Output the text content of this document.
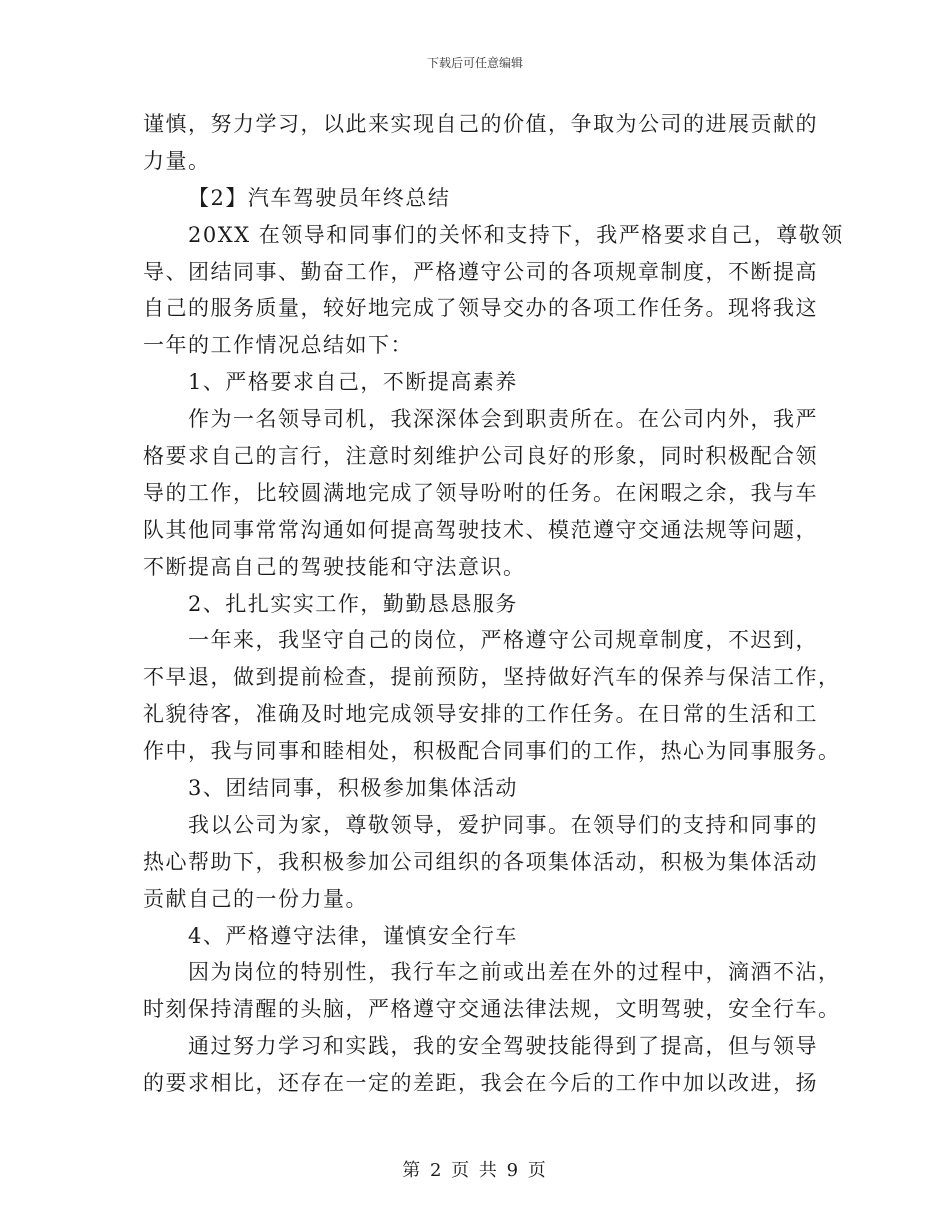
下载后可任意编辑
谨慎，努力学习，以此来实现自己的价值，争取为公司的进展贡献的
力量。
【2】汽车驾驶员年终总结
20XX 在领导和同事们的关怀和支持下，我严格要求自己，尊敬领
导、团结同事、勤奋工作，严格遵守公司的各项规章制度，不断提高
自己的服务质量，较好地完成了领导交办的各项工作任务。现将我这
一年的工作情况总结如下：
1、严格要求自己，不断提高素养
作为一名领导司机，我深深体会到职责所在。在公司内外，我严
格要求自己的言行，注意时刻维护公司良好的形象，同时积极配合领
导的工作，比较圆满地完成了领导吩咐的任务。在闲暇之余，我与车
队其他同事常常沟通如何提高驾驶技术、模范遵守交通法规等问题，
不断提高自己的驾驶技能和守法意识。
2、扎扎实实工作，勤勤恳恳服务
一年来，我坚守自己的岗位，严格遵守公司规章制度，不迟到，
不早退，做到提前检查，提前预防，坚持做好汽车的保养与保洁工作，
礼貌待客，准确及时地完成领导安排的工作任务。在日常的生活和工
作中，我与同事和睦相处，积极配合同事们的工作，热心为同事服务。
3、团结同事，积极参加集体活动
我以公司为家，尊敬领导，爱护同事。在领导们的支持和同事的
热心帮助下，我积极参加公司组织的各项集体活动，积极为集体活动
贡献自己的一份力量。
4、严格遵守法律，谨慎安全行车
因为岗位的特别性，我行车之前或出差在外的过程中，滴酒不沾，
时刻保持清醒的头脑，严格遵守交通法律法规，文明驾驶，安全行车。
通过努力学习和实践，我的安全驾驶技能得到了提高，但与领导
的要求相比，还存在一定的差距，我会在今后的工作中加以改进，扬
第 2 页 共 9 页
